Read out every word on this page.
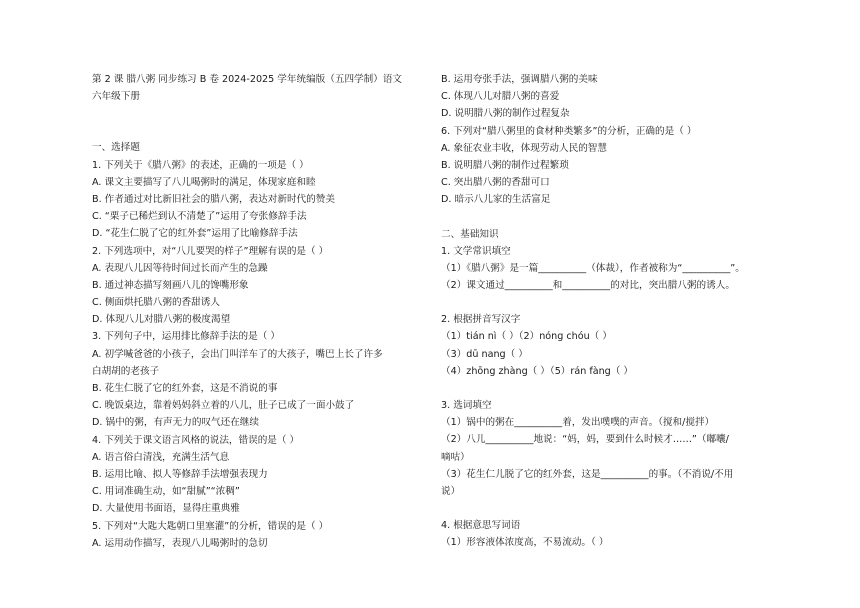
第 2 课 腊八粥 同步练习 B 卷 2024-2025 学年统编版（五四学制）语文
六年级下册
一、选择题
1. 下列关于《腊八粥》的表述，正确的一项是（ ）
A. 课文主要描写了八儿喝粥时的满足，体现家庭和睦
B. 作者通过对比新旧社会的腊八粥，表达对新时代的赞美
C. “栗子已稀烂到认不清楚了”运用了夸张修辞手法
D. “花生仁脱了它的红外套”运用了比喻修辞手法
2. 下列选项中，对“八儿要哭的样子”理解有误的是（ ）
A. 表现八儿因等待时间过长而产生的急躁
B. 通过神态描写刻画八儿的馋嘴形象
C. 侧面烘托腊八粥的香甜诱人
D. 体现八儿对腊八粥的极度渴望
3. 下列句子中，运用排比修辞手法的是（ ）
A. 初学喊爸爸的小孩子，会出门叫洋车了的大孩子，嘴巴上长了许多
白胡胡的老孩子
B. 花生仁脱了它的红外套，这是不消说的事
C. 晚饭桌边，靠着妈妈斜立着的八儿，肚子已成了一面小鼓了
D. 锅中的粥，有声无力的叹气还在继续
4. 下列关于课文语言风格的说法，错误的是（ ）
A. 语言俗白清浅，充满生活气息
B. 运用比喻、拟人等修辞手法增强表现力
C. 用词准确生动，如“甜腻”“浓稠”
D. 大量使用书面语，显得庄重典雅
5. 下列对“大匙大匙朝口里塞灌”的分析，错误的是（ ）
A. 运用动作描写，表现八儿喝粥时的急切
B. 运用夸张手法，强调腊八粥的美味
C. 体现八儿对腊八粥的喜爱
D. 说明腊八粥的制作过程复杂
6. 下列对“腊八粥里的食材种类繁多”的分析，正确的是（ ）
A. 象征农业丰收，体现劳动人民的智慧
B. 说明腊八粥的制作过程繁琐
C. 突出腊八粥的香甜可口
D. 暗示八儿家的生活富足
二、基础知识
1. 文学常识填空
（1）《腊八粥》是一篇__________（体裁），作者被称为“__________”。
（2）课文通过__________和__________的对比，突出腊八粥的诱人。
2. 根据拼音写汉字
（1）tián nì（ ）（2）nóng chóu（ ）
（3）dū nang（ ）
（4）zhōng zhàng（ ）（5）rán fàng（ ）
3. 选词填空
（1）锅中的粥在__________着，发出噗噗的声音。（搅和/搅拌）
（2）八儿__________地说：“妈，妈，要到什么时候才……”（嘟囔/
嘀咕）
（3）花生仁儿脱了它的红外套，这是__________的事。（不消说/不用
说）
4. 根据意思写词语
（1）形容液体浓度高，不易流动。（ ）
